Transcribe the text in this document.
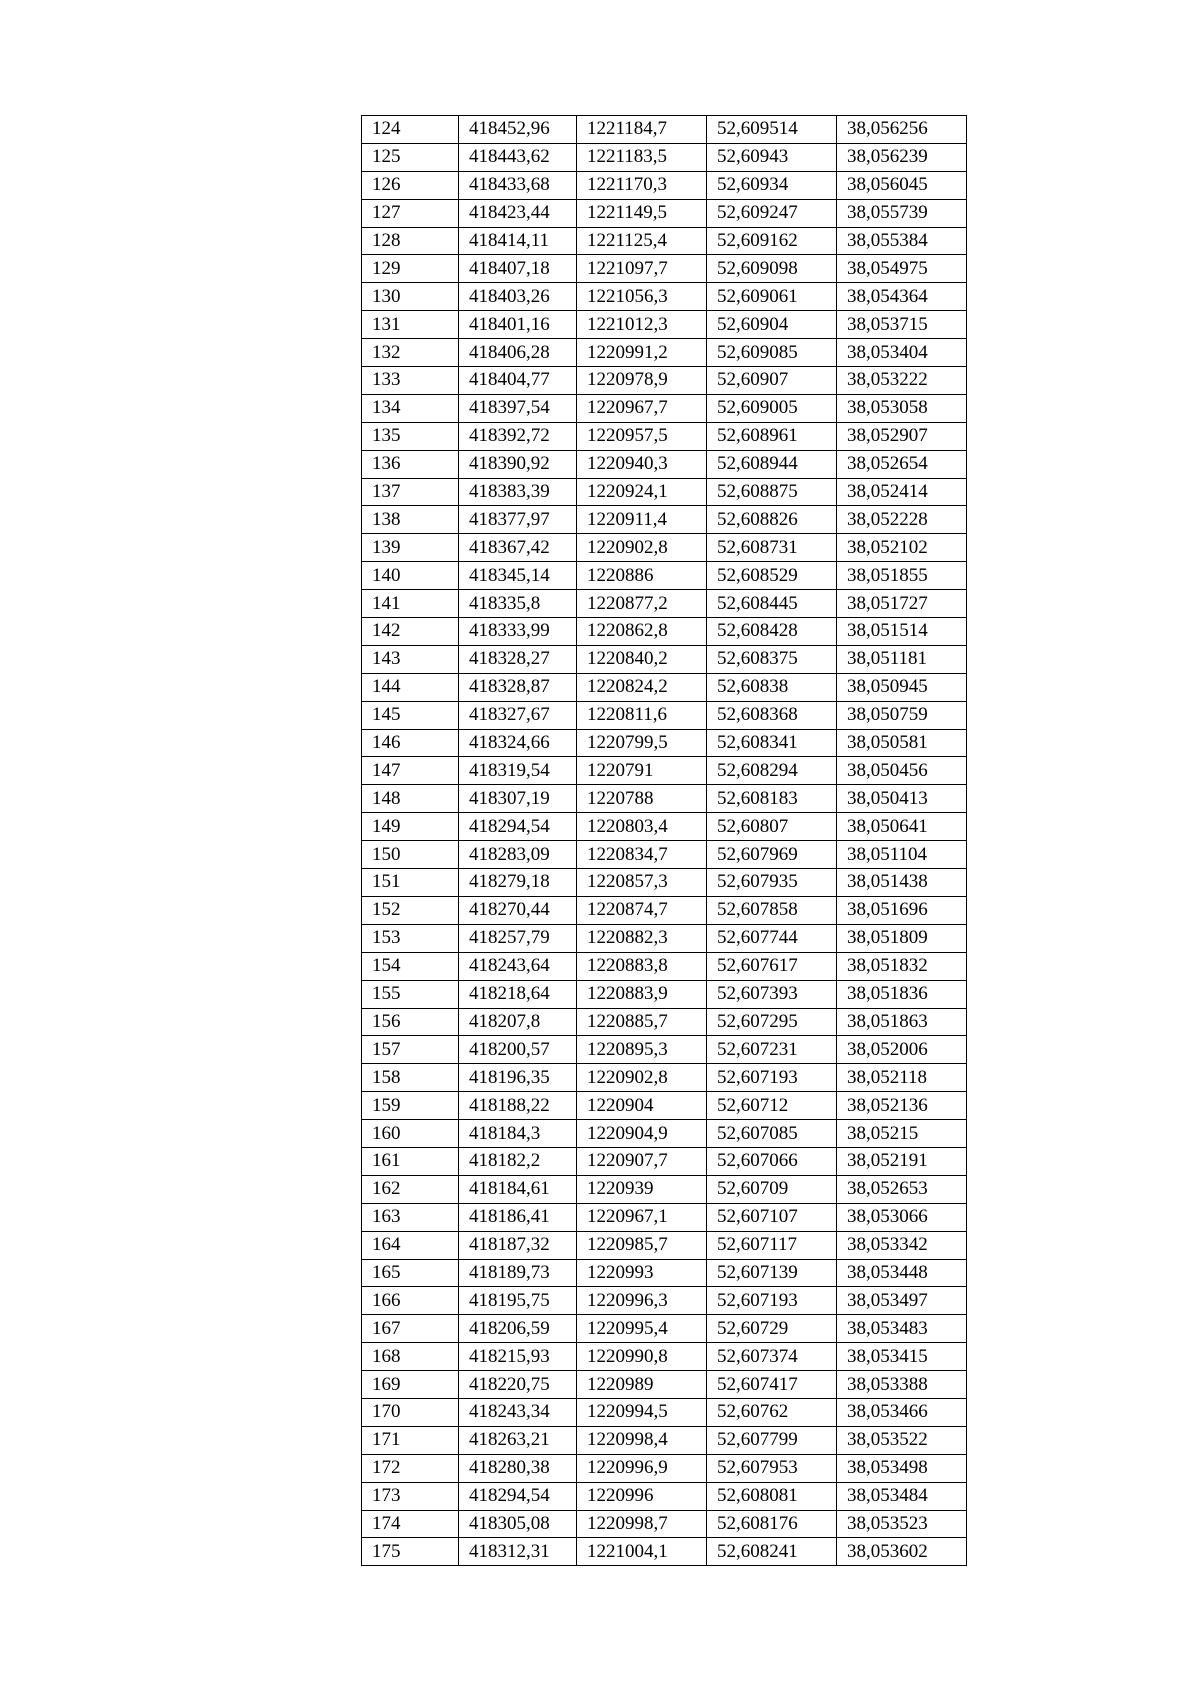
124	418452,96	1221184,7	52,609514	38,056256
125	418443,62	1221183,5	52,60943	38,056239
126	418433,68	1221170,3	52,60934	38,056045
127	418423,44	1221149,5	52,609247	38,055739
128	418414,11	1221125,4	52,609162	38,055384
129	418407,18	1221097,7	52,609098	38,054975
130	418403,26	1221056,3	52,609061	38,054364
131	418401,16	1221012,3	52,60904	38,053715
132	418406,28	1220991,2	52,609085	38,053404
133	418404,77	1220978,9	52,60907	38,053222
134	418397,54	1220967,7	52,609005	38,053058
135	418392,72	1220957,5	52,608961	38,052907
136	418390,92	1220940,3	52,608944	38,052654
137	418383,39	1220924,1	52,608875	38,052414
138	418377,97	1220911,4	52,608826	38,052228
139	418367,42	1220902,8	52,608731	38,052102
140	418345,14	1220886	52,608529	38,051855
141	418335,8	1220877,2	52,608445	38,051727
142	418333,99	1220862,8	52,608428	38,051514
143	418328,27	1220840,2	52,608375	38,051181
144	418328,87	1220824,2	52,60838	38,050945
145	418327,67	1220811,6	52,608368	38,050759
146	418324,66	1220799,5	52,608341	38,050581
147	418319,54	1220791	52,608294	38,050456
148	418307,19	1220788	52,608183	38,050413
149	418294,54	1220803,4	52,60807	38,050641
150	418283,09	1220834,7	52,607969	38,051104
151	418279,18	1220857,3	52,607935	38,051438
152	418270,44	1220874,7	52,607858	38,051696
153	418257,79	1220882,3	52,607744	38,051809
154	418243,64	1220883,8	52,607617	38,051832
155	418218,64	1220883,9	52,607393	38,051836
156	418207,8	1220885,7	52,607295	38,051863
157	418200,57	1220895,3	52,607231	38,052006
158	418196,35	1220902,8	52,607193	38,052118
159	418188,22	1220904	52,60712	38,052136
160	418184,3	1220904,9	52,607085	38,05215
161	418182,2	1220907,7	52,607066	38,052191
162	418184,61	1220939	52,60709	38,052653
163	418186,41	1220967,1	52,607107	38,053066
164	418187,32	1220985,7	52,607117	38,053342
165	418189,73	1220993	52,607139	38,053448
166	418195,75	1220996,3	52,607193	38,053497
167	418206,59	1220995,4	52,60729	38,053483
168	418215,93	1220990,8	52,607374	38,053415
169	418220,75	1220989	52,607417	38,053388
170	418243,34	1220994,5	52,60762	38,053466
171	418263,21	1220998,4	52,607799	38,053522
172	418280,38	1220996,9	52,607953	38,053498
173	418294,54	1220996	52,608081	38,053484
174	418305,08	1220998,7	52,608176	38,053523
175	418312,31	1221004,1	52,608241	38,053602
